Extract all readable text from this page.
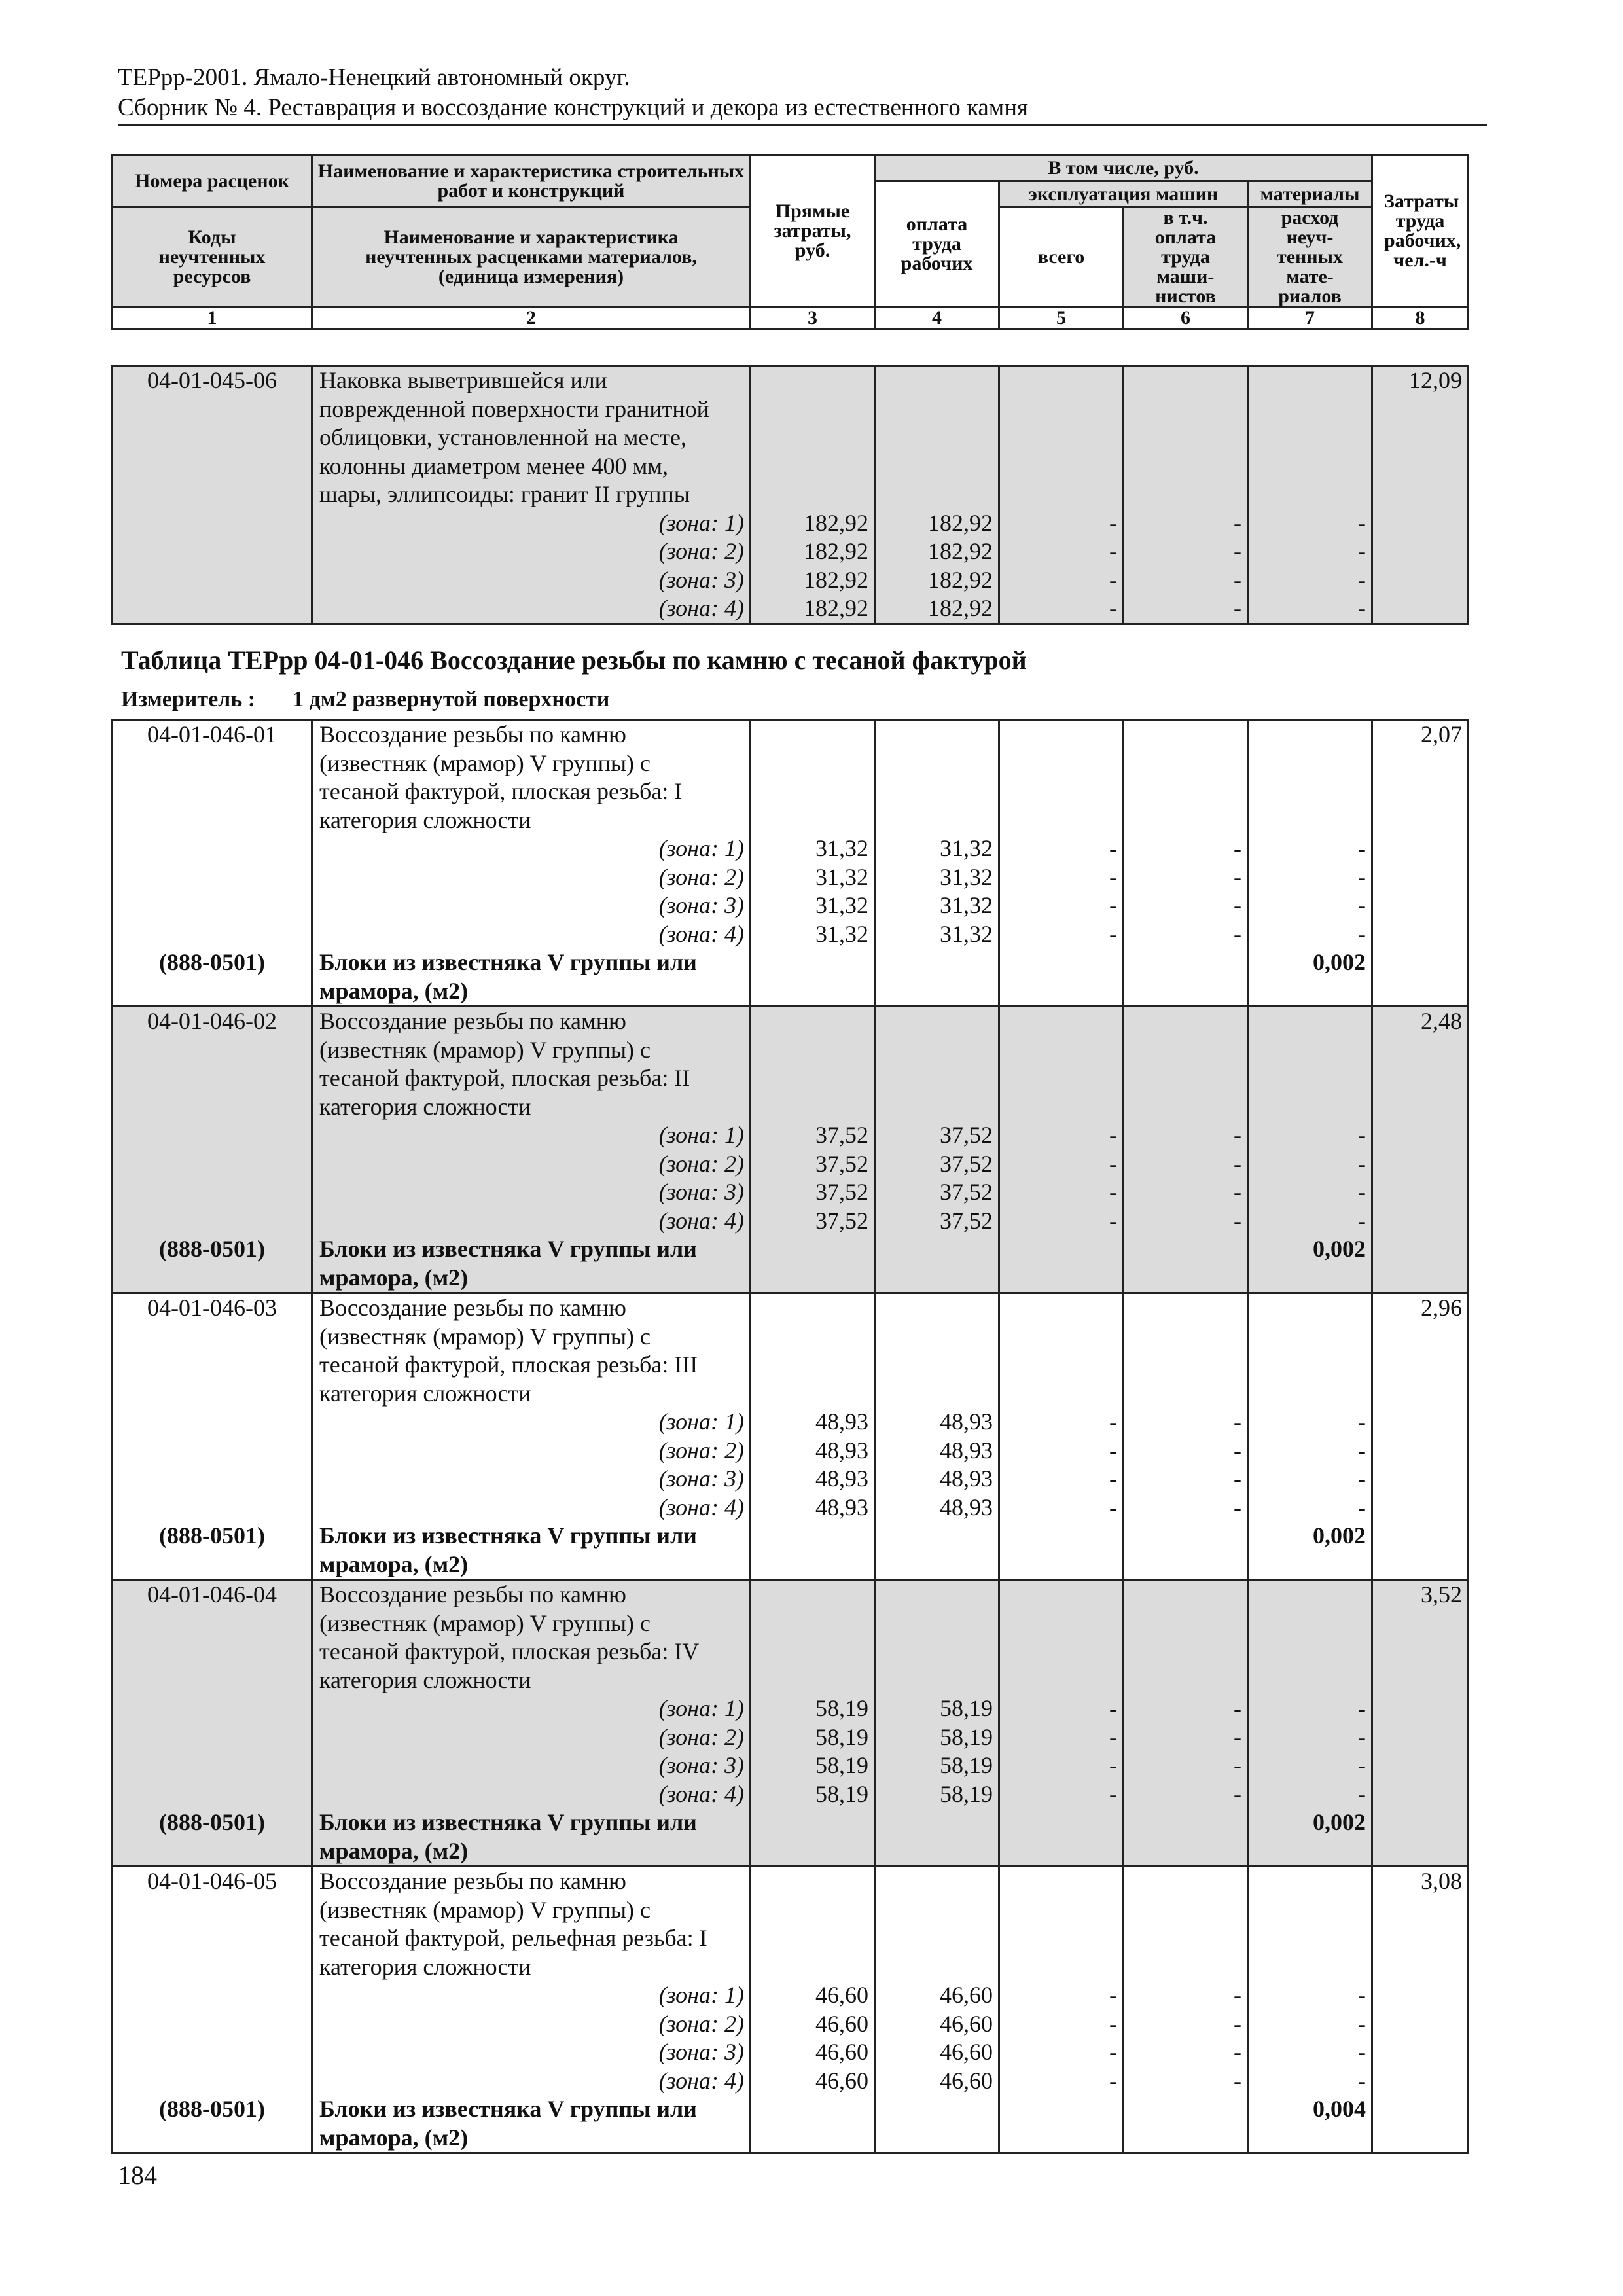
ТЕРрр-2001. Ямало-Ненецкий автономный округ.
Сборник № 4. Реставрация и воссоздание конструкций и декора из естественного камня
Номера расценок	Наименование и характеристика строительных работ и конструкций	Прямые затраты, руб.	В том числе, руб.				Затраты труда рабочих, чел.-ч

			оплата труда рабочих	эксплуатация машин		материалы	

Коды неучтенных ресурсов	Наименование и характеристика неучтенных расценками материалов, (единица измерения)			всего	в т.ч. оплата труда маши-нистов	расход неуч-тенных мате-риалов	

1	2	3	4	5	6	7	8
04-01-045-06	Наковка выветрившейся или						12,09
	поврежденной поверхности гранитной						
	облицовки, установленной на месте,						
	колонны диаметром менее 400 мм,						
	шары, эллипсоиды: гранит II группы						
	(зона: 1)	182,92	182,92	-	-	-	
	(зона: 2)	182,92	182,92	-	-	-	
	(зона: 3)	182,92	182,92	-	-	-	
	(зона: 4)	182,92	182,92	-	-	-	
Таблица ТЕРрр 04-01-046 Воссоздание резьбы по камню с тесаной фактурой
Измеритель : 1 дм2 развернутой поверхности
04-01-046-01	Воссоздание резьбы по камню						2,07
	(известняк (мрамор) V группы) с						
	тесаной фактурой, плоская резьба: I						
	категория сложности						
	(зона: 1)	31,32	31,32	-	-	-	
	(зона: 2)	31,32	31,32	-	-	-	
	(зона: 3)	31,32	31,32	-	-	-	
	(зона: 4)	31,32	31,32	-	-	-	
(888-0501)	Блоки из известняка V группы или					0,002	
	мрамора, (м2)						
04-01-046-02	Воссоздание резьбы по камню						2,48
	(известняк (мрамор) V группы) с						
	тесаной фактурой, плоская резьба: II						
	категория сложности						
	(зона: 1)	37,52	37,52	-	-	-	
	(зона: 2)	37,52	37,52	-	-	-	
	(зона: 3)	37,52	37,52	-	-	-	
	(зона: 4)	37,52	37,52	-	-	-	
(888-0501)	Блоки из известняка V группы или					0,002	
	мрамора, (м2)						
04-01-046-03	Воссоздание резьбы по камню						2,96
	(известняк (мрамор) V группы) с						
	тесаной фактурой, плоская резьба: III						
	категория сложности						
	(зона: 1)	48,93	48,93	-	-	-	
	(зона: 2)	48,93	48,93	-	-	-	
	(зона: 3)	48,93	48,93	-	-	-	
	(зона: 4)	48,93	48,93	-	-	-	
(888-0501)	Блоки из известняка V группы или					0,002	
	мрамора, (м2)						
04-01-046-04	Воссоздание резьбы по камню						3,52
	(известняк (мрамор) V группы) с						
	тесаной фактурой, плоская резьба: IV						
	категория сложности						
	(зона: 1)	58,19	58,19	-	-	-	
	(зона: 2)	58,19	58,19	-	-	-	
	(зона: 3)	58,19	58,19	-	-	-	
	(зона: 4)	58,19	58,19	-	-	-	
(888-0501)	Блоки из известняка V группы или					0,002	
	мрамора, (м2)						
04-01-046-05	Воссоздание резьбы по камню						3,08
	(известняк (мрамор) V группы) с						
	тесаной фактурой, рельефная резьба: I						
	категория сложности						
	(зона: 1)	46,60	46,60	-	-	-	
	(зона: 2)	46,60	46,60	-	-	-	
	(зона: 3)	46,60	46,60	-	-	-	
	(зона: 4)	46,60	46,60	-	-	-	
(888-0501)	Блоки из известняка V группы или					0,004	
	мрамора, (м2)						
184
